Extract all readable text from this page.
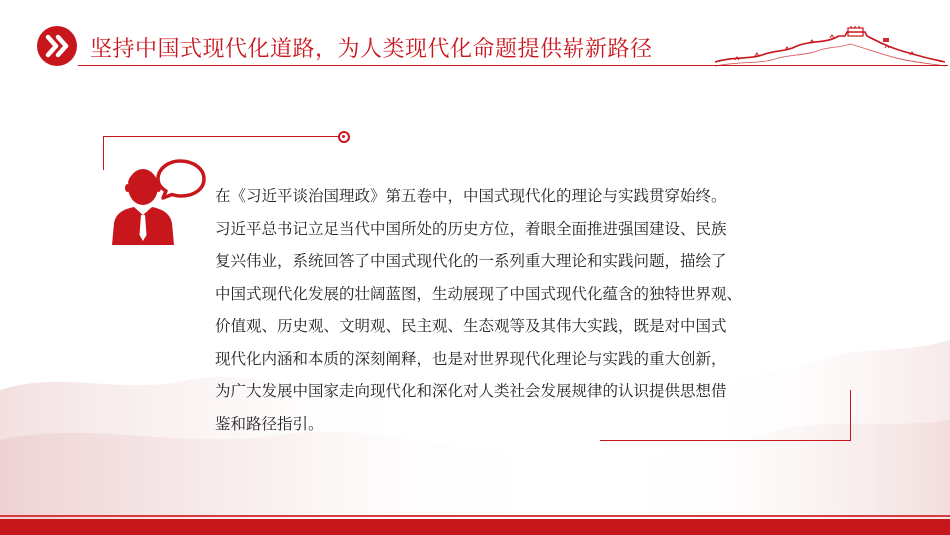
坚持中国式现代化道路，为人类现代化命题提供崭新路径

在《习近平谈治国理政》第五卷中，中国式现代化的理论与实践贯穿始终。

习近平总书记立足当代中国所处的历史方位，着眼全面推进强国建设、民族

复兴伟业，系统回答了中国式现代化的一系列重大理论和实践问题，描绘了

中国式现代化发展的壮阔蓝图，生动展现了中国式现代化蕴含的独特世界观、

价值观、历史观、文明观、民主观、生态观等及其伟大实践，既是对中国式

现代化内涵和本质的深刻阐释，也是对世界现代化理论与实践的重大创新，

为广大发展中国家走向现代化和深化对人类社会发展规律的认识提供思想借

鉴和路径指引。
